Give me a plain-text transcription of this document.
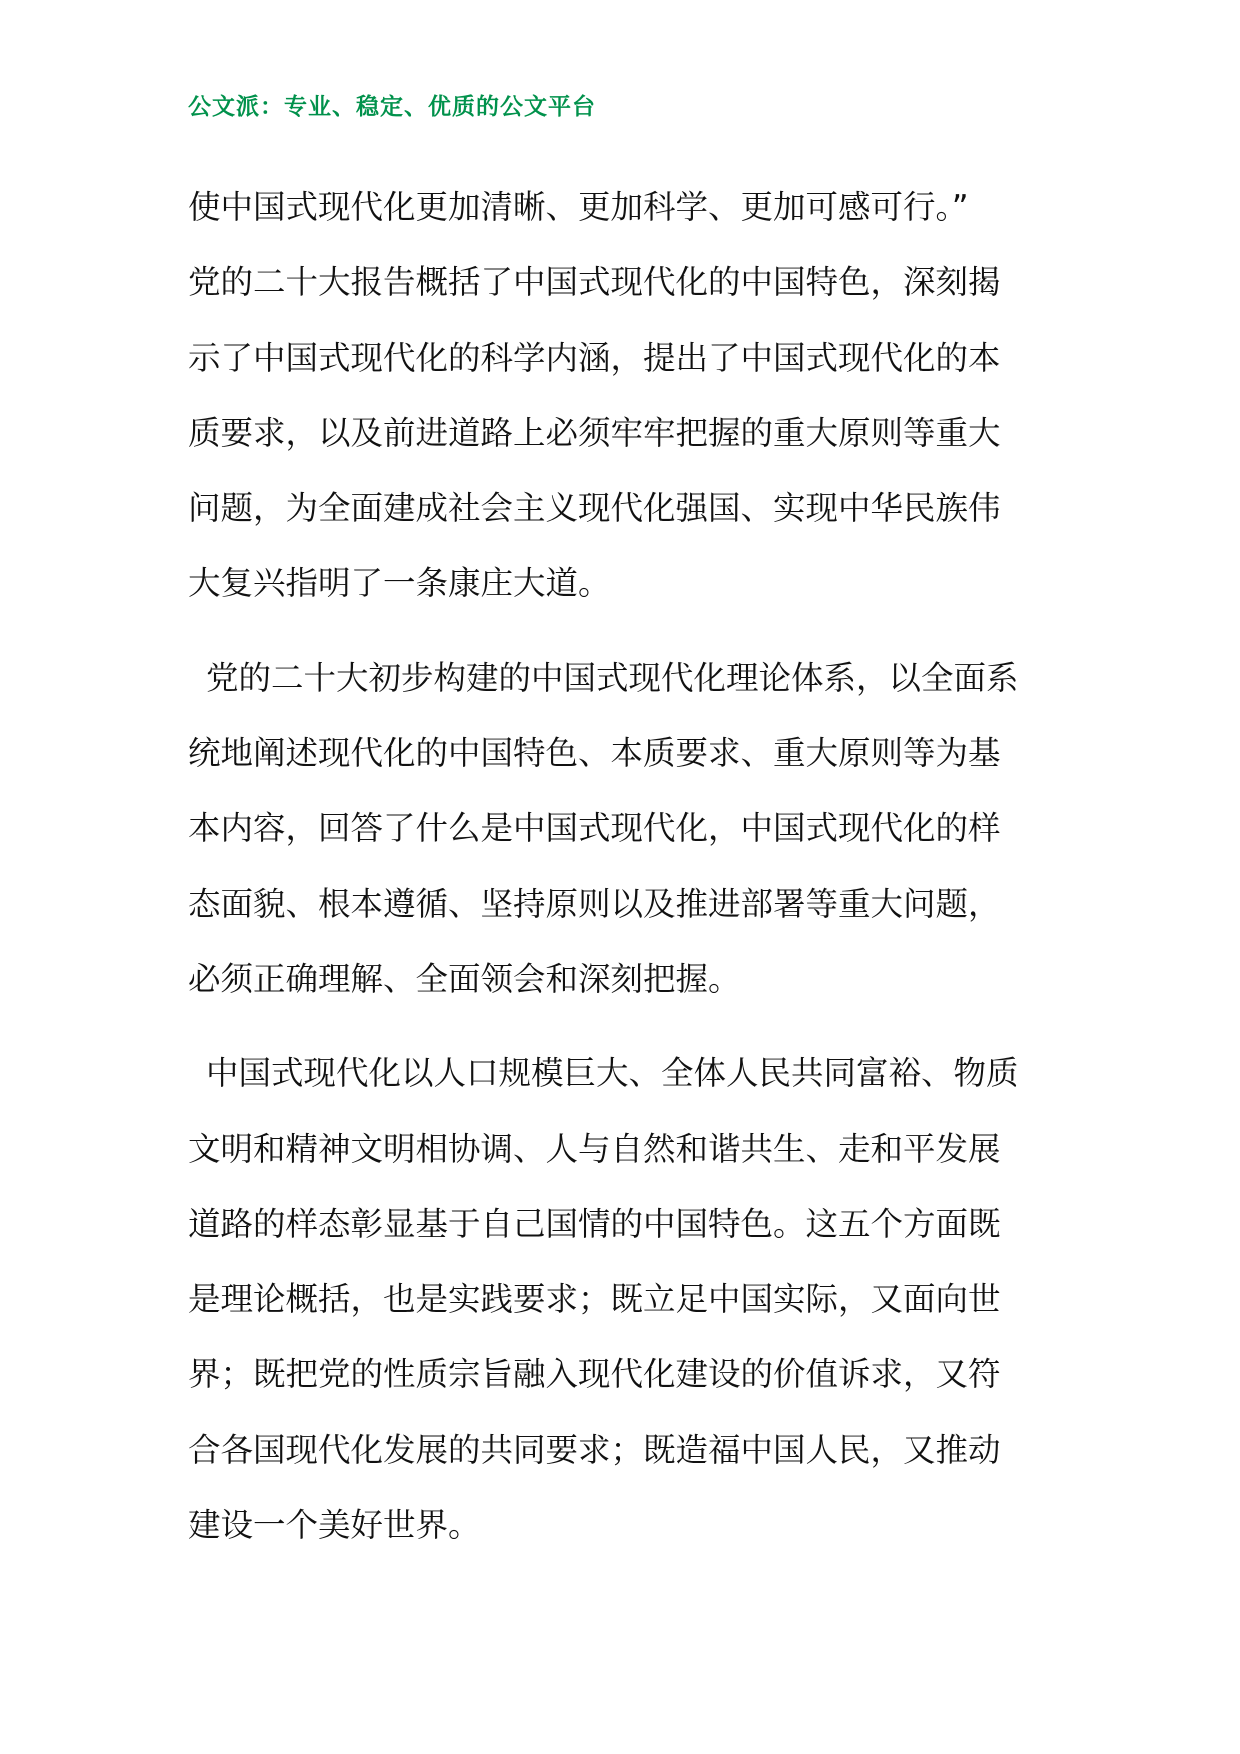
公文派：专业、稳定、优质的公文平台
使中国式现代化更加清晰、更加科学、更加可感可行。”
党的二十大报告概括了中国式现代化的中国特色，深刻揭
示了中国式现代化的科学内涵，提出了中国式现代化的本
质要求，以及前进道路上必须牢牢把握的重大原则等重大
问题，为全面建成社会主义现代化强国、实现中华民族伟
大复兴指明了一条康庄大道。
党的二十大初步构建的中国式现代化理论体系，以全面系
统地阐述现代化的中国特色、本质要求、重大原则等为基
本内容，回答了什么是中国式现代化，中国式现代化的样
态面貌、根本遵循、坚持原则以及推进部署等重大问题，
必须正确理解、全面领会和深刻把握。
中国式现代化以人口规模巨大、全体人民共同富裕、物质
文明和精神文明相协调、人与自然和谐共生、走和平发展
道路的样态彰显基于自己国情的中国特色。这五个方面既
是理论概括，也是实践要求；既立足中国实际，又面向世
界；既把党的性质宗旨融入现代化建设的价值诉求，又符
合各国现代化发展的共同要求；既造福中国人民，又推动
建设一个美好世界。
